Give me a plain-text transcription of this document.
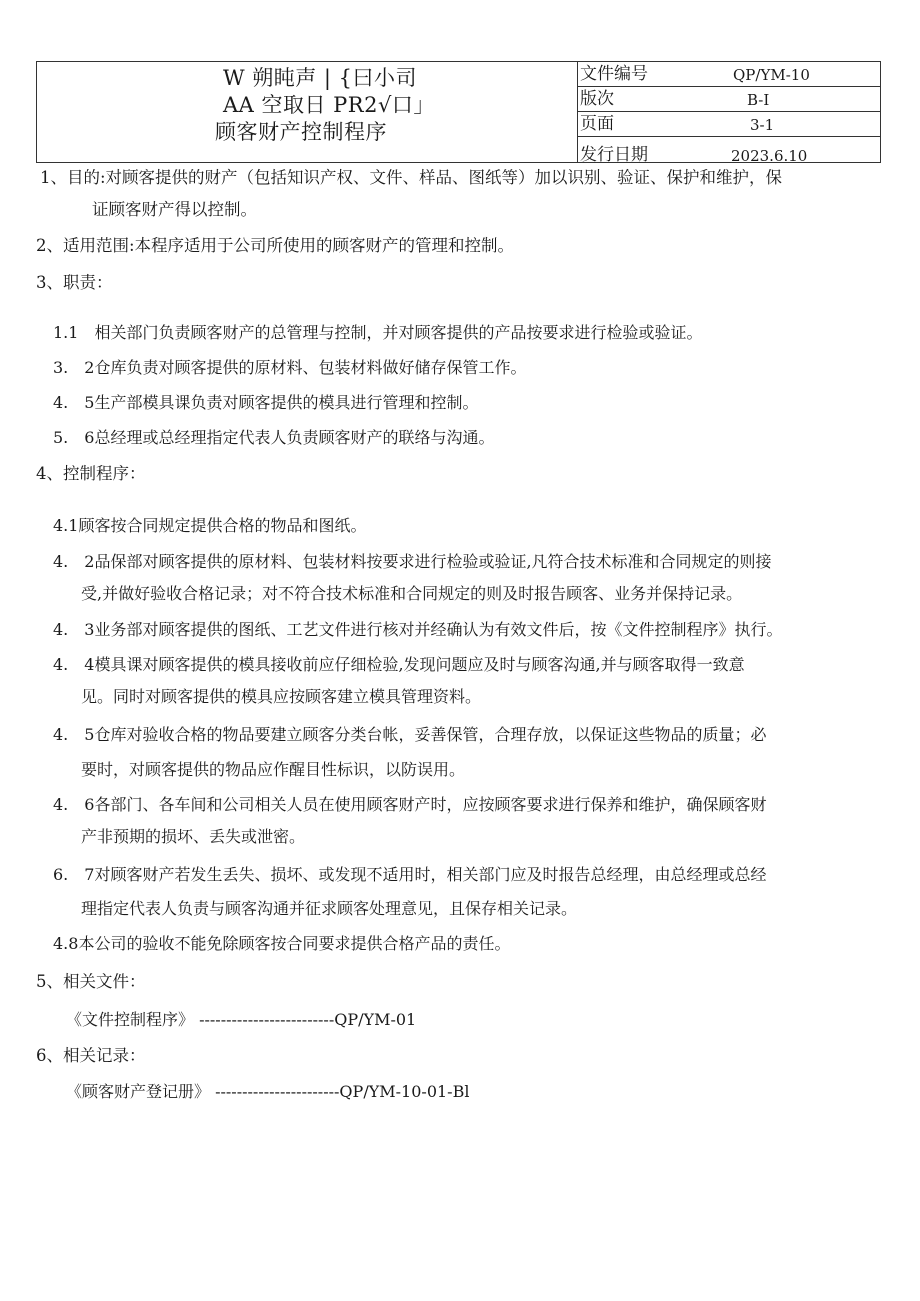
W 朔盹声 | {曰小司
AA 空取日 PR2√口」
顾客财产控制程序
文件编号	QP/YM-10
版次	B-I
页面	3-1
发行日期	2023.6.10
1、目的:对顾客提供的财产（包括知识产权、文件、样品、图纸等）加以识别、验证、保护和维护，保
证顾客财产得以控制。
2、适用范围:本程序适用于公司所使用的顾客财产的管理和控制。
3、职责：
1.1　相关部门负责顾客财产的总管理与控制，并对顾客提供的产品按要求进行检验或验证。
3.　2仓库负责对顾客提供的原材料、包装材料做好储存保管工作。
4.　5生产部模具课负责对顾客提供的模具进行管理和控制。
5.　6总经理或总经理指定代表人负责顾客财产的联络与沟通。
4、控制程序：
4.1顾客按合同规定提供合格的物品和图纸。
4.　2品保部对顾客提供的原材料、包装材料按要求进行检验或验证,凡符合技术标准和合同规定的则接
受,并做好验收合格记录；对不符合技术标准和合同规定的则及时报告顾客、业务并保持记录。
4.　3业务部对顾客提供的图纸、工艺文件进行核对并经确认为有效文件后，按《文件控制程序》执行。
4.　4模具课对顾客提供的模具接收前应仔细检验,发现问题应及时与顾客沟通,并与顾客取得一致意
见。同时对顾客提供的模具应按顾客建立模具管理资料。
4.　5仓库对验收合格的物品要建立顾客分类台帐，妥善保管，合理存放，以保证这些物品的质量；必
要时，对顾客提供的物品应作醒目性标识，以防误用。
4.　6各部门、各车间和公司相关人员在使用顾客财产时，应按顾客要求进行保养和维护，确保顾客财
产非预期的损坏、丢失或泄密。
6.　7对顾客财产若发生丢失、损坏、或发现不适用时，相关部门应及时报告总经理，由总经理或总经
理指定代表人负责与顾客沟通并征求顾客处理意见，且保存相关记录。
4.8本公司的验收不能免除顾客按合同要求提供合格产品的责任。
5、相关文件：
《文件控制程序》 -------------------------QP/YM-01
6、相关记录：
《顾客财产登记册》 -----------------------QP/YM-10-01-Bl
